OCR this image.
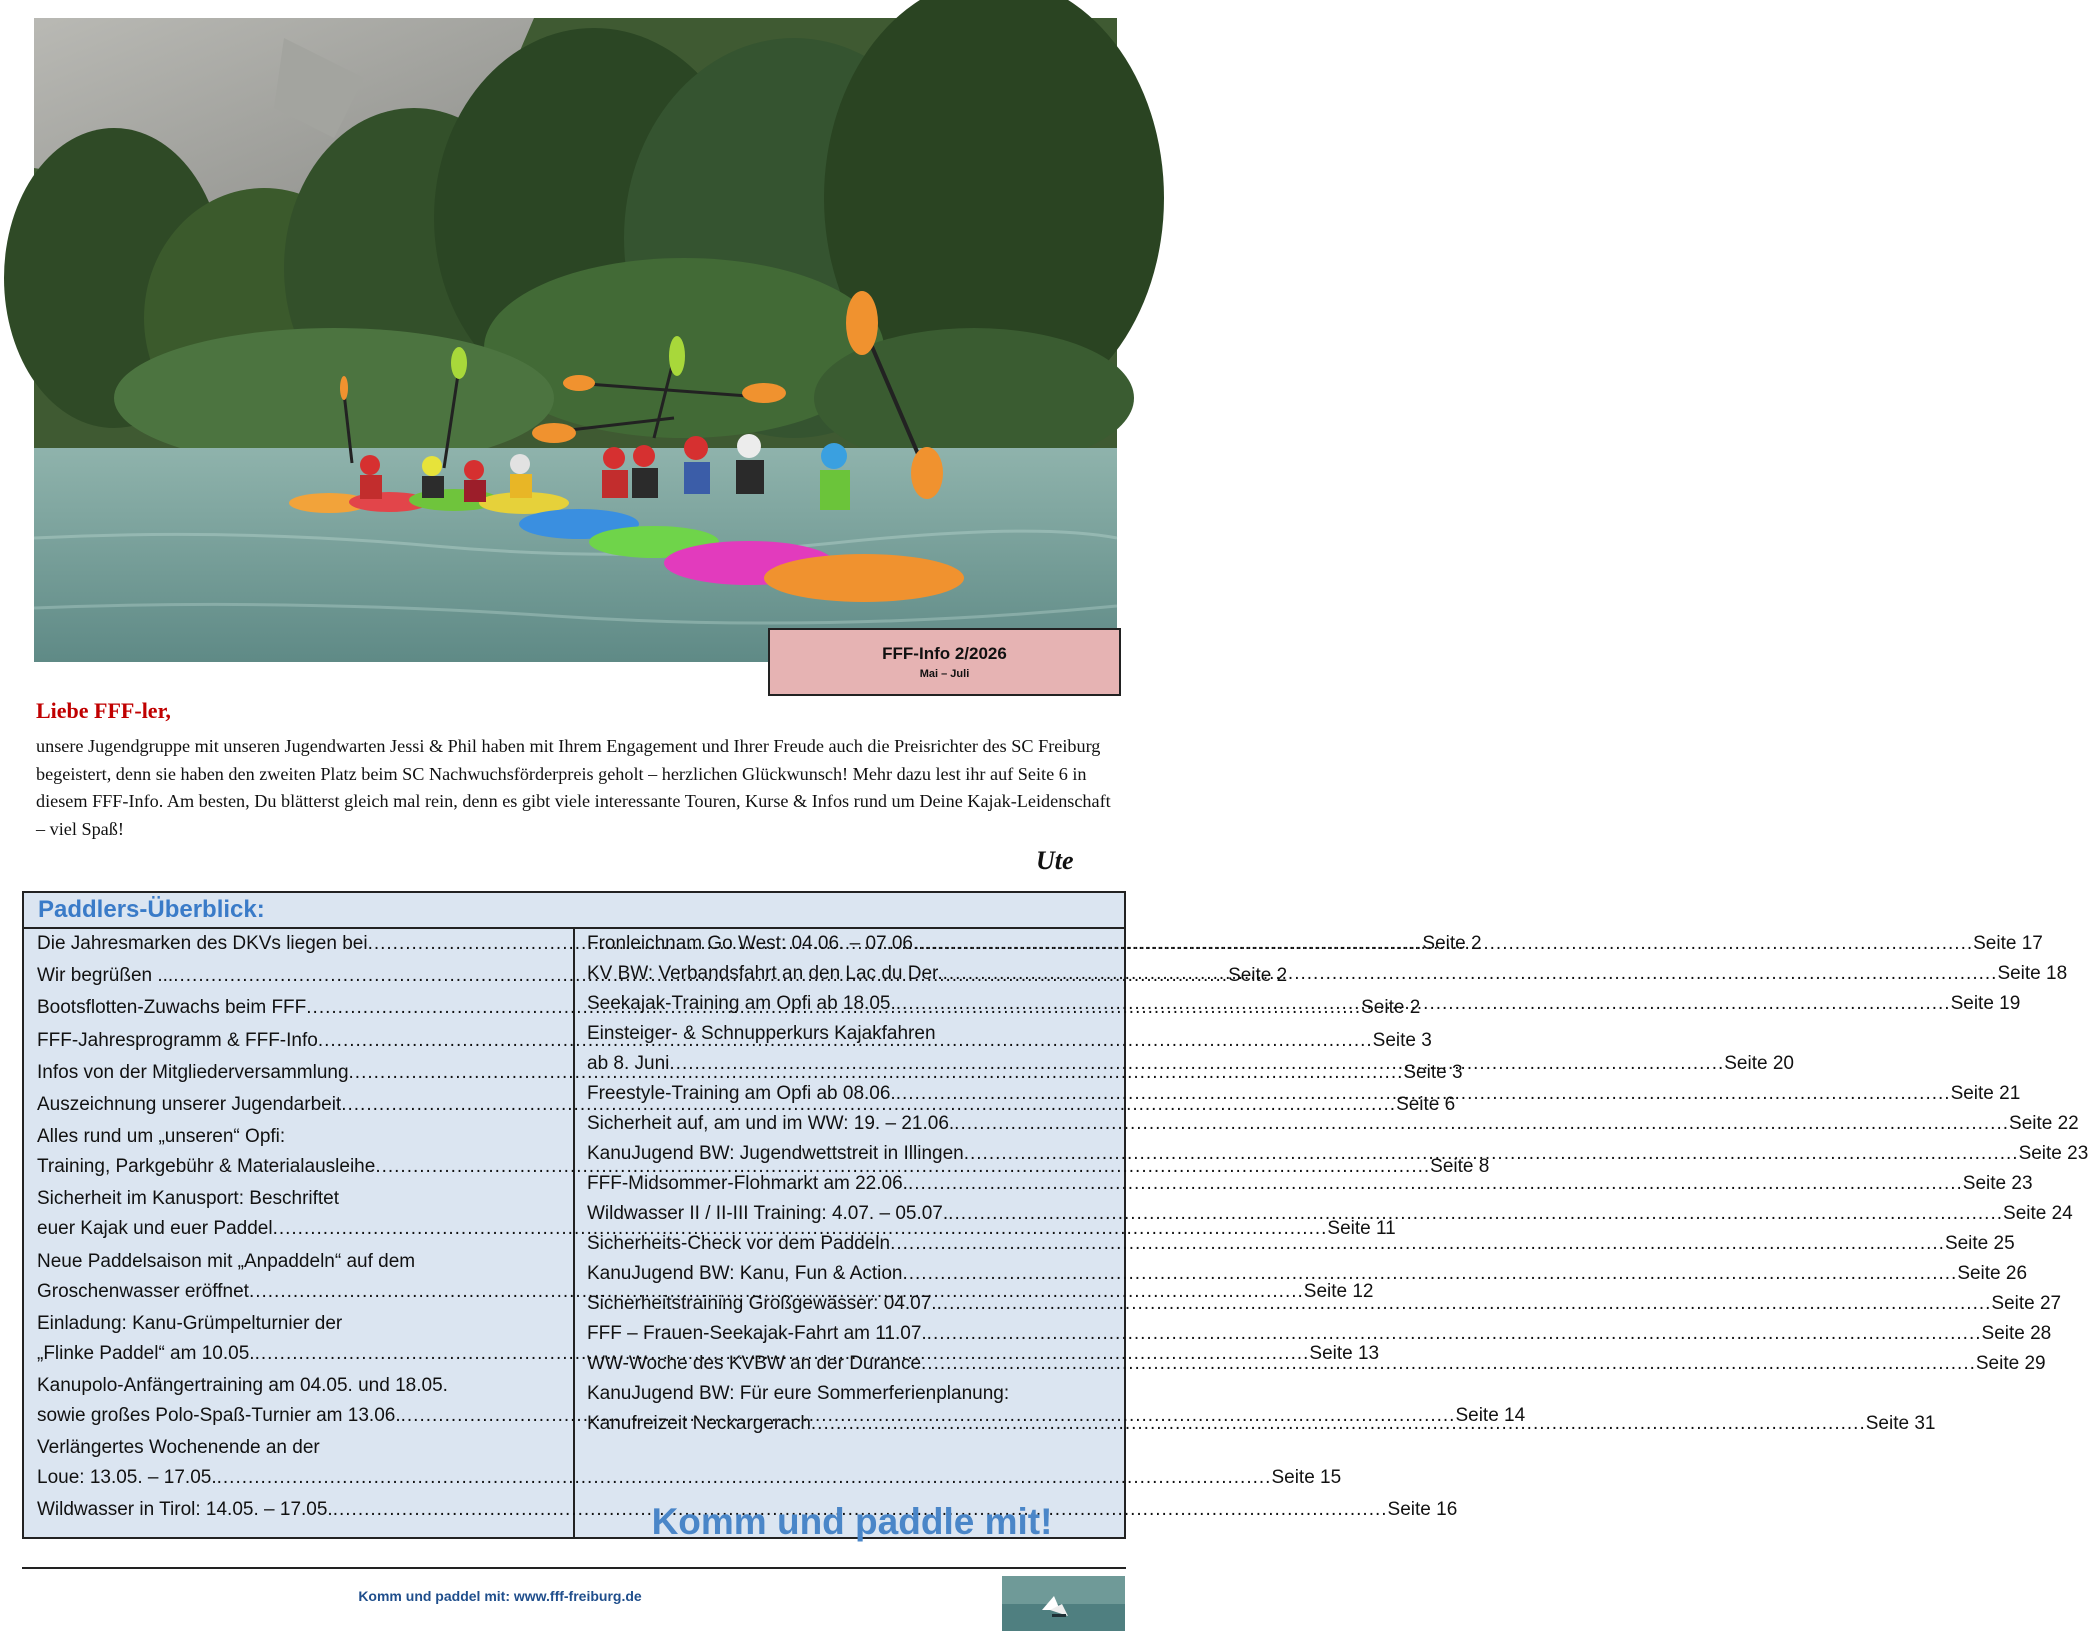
FFF-Info 2/2026
Mai – Juli
Liebe FFF-ler,
unsere Jugendgruppe mit unseren Jugendwarten Jessi & Phil haben mit Ihrem Engagement und Ihrer Freude auch die Preisrichter des SC Freiburg begeistert, denn sie haben den zweiten Platz beim SC Nachwuchsförderpreis geholt – herzlichen Glückwunsch! Mehr dazu lest ihr auf Seite 6 in diesem FFF-Info. Am besten, Du blätterst gleich mal rein, denn es gibt viele interessante Touren, Kurse & Infos rund um Deine Kajak-Leidenschaft – viel Spaß!
Ute
Paddlers-Überblick:
Wildwasser in Tirol: 14.05. – 17.05. .....	Seite 16
Verlängertes Wochenende an der
Loue: 13.05. – 17.05. .....	Seite 15
Kanupolo-Anfängertraining am 04.05. und 18.05.
sowie großes Polo-Spaß-Turnier am 13.06. .....	Seite 14
Einladung: Kanu-Grümpelturnier der
„Flinke Paddel“ am 10.05. .....	Seite 13
Neue Paddelsaison mit „Anpaddeln“ auf dem
Groschenwasser eröffnet .....	Seite 12
Sicherheit im Kanusport: Beschriftet
euer Kajak und euer Paddel .....	Seite 11
Alles rund um „unseren“ Opfi:
Training, Parkgebühr & Materialausleihe .....	Seite 8
Auszeichnung unserer Jugendarbeit .....	Seite 6
Infos von der Mitgliederversammlung .....	Seite 3
FFF-Jahresprogramm & FFF-Info .....	Seite 3
Bootsflotten-Zuwachs beim FFF .....	Seite 2
Wir begrüßen ... .....	Seite 2
Die Jahresmarken des DKVs liegen bei .....	Seite 2
KanuJugend BW: Für eure Sommerferienplanung:
Kanufreizeit Neckargerach .....	Seite 31
WW-Woche des KVBW an der Durance .....	Seite 29
FFF – Frauen-Seekajak-Fahrt am 11.07. .....	Seite 28
Sicherheitstraining Großgewässer: 04.07. .....	Seite 27
KanuJugend BW: Kanu, Fun & Action .....	Seite 26
Sicherheits-Check vor dem Paddeln .....	Seite 25
Wildwasser II / II-III Training: 4.07. – 05.07. .....	Seite 24
FFF-Midsommer-Flohmarkt am 22.06. .....	Seite 23
KanuJugend BW: Jugendwettstreit in Illingen .....	Seite 23
Sicherheit auf, am und im WW: 19. – 21.06. .....	Seite 22
Freestyle-Training am Opfi ab 08.06. .....	Seite 21
Einsteiger- & Schnupperkurs Kajakfahren
ab 8. Juni .....	Seite 20
Seekajak-Training am Opfi ab 18.05. .....	Seite 19
KV BW: Verbandsfahrt an den Lac du Der. .....	Seite 18
Fronleichnam Go West: 04.06. – 07.06. .....	Seite 17
Komm und paddle mit!
Komm und paddel mit: www.fff-freiburg.de
